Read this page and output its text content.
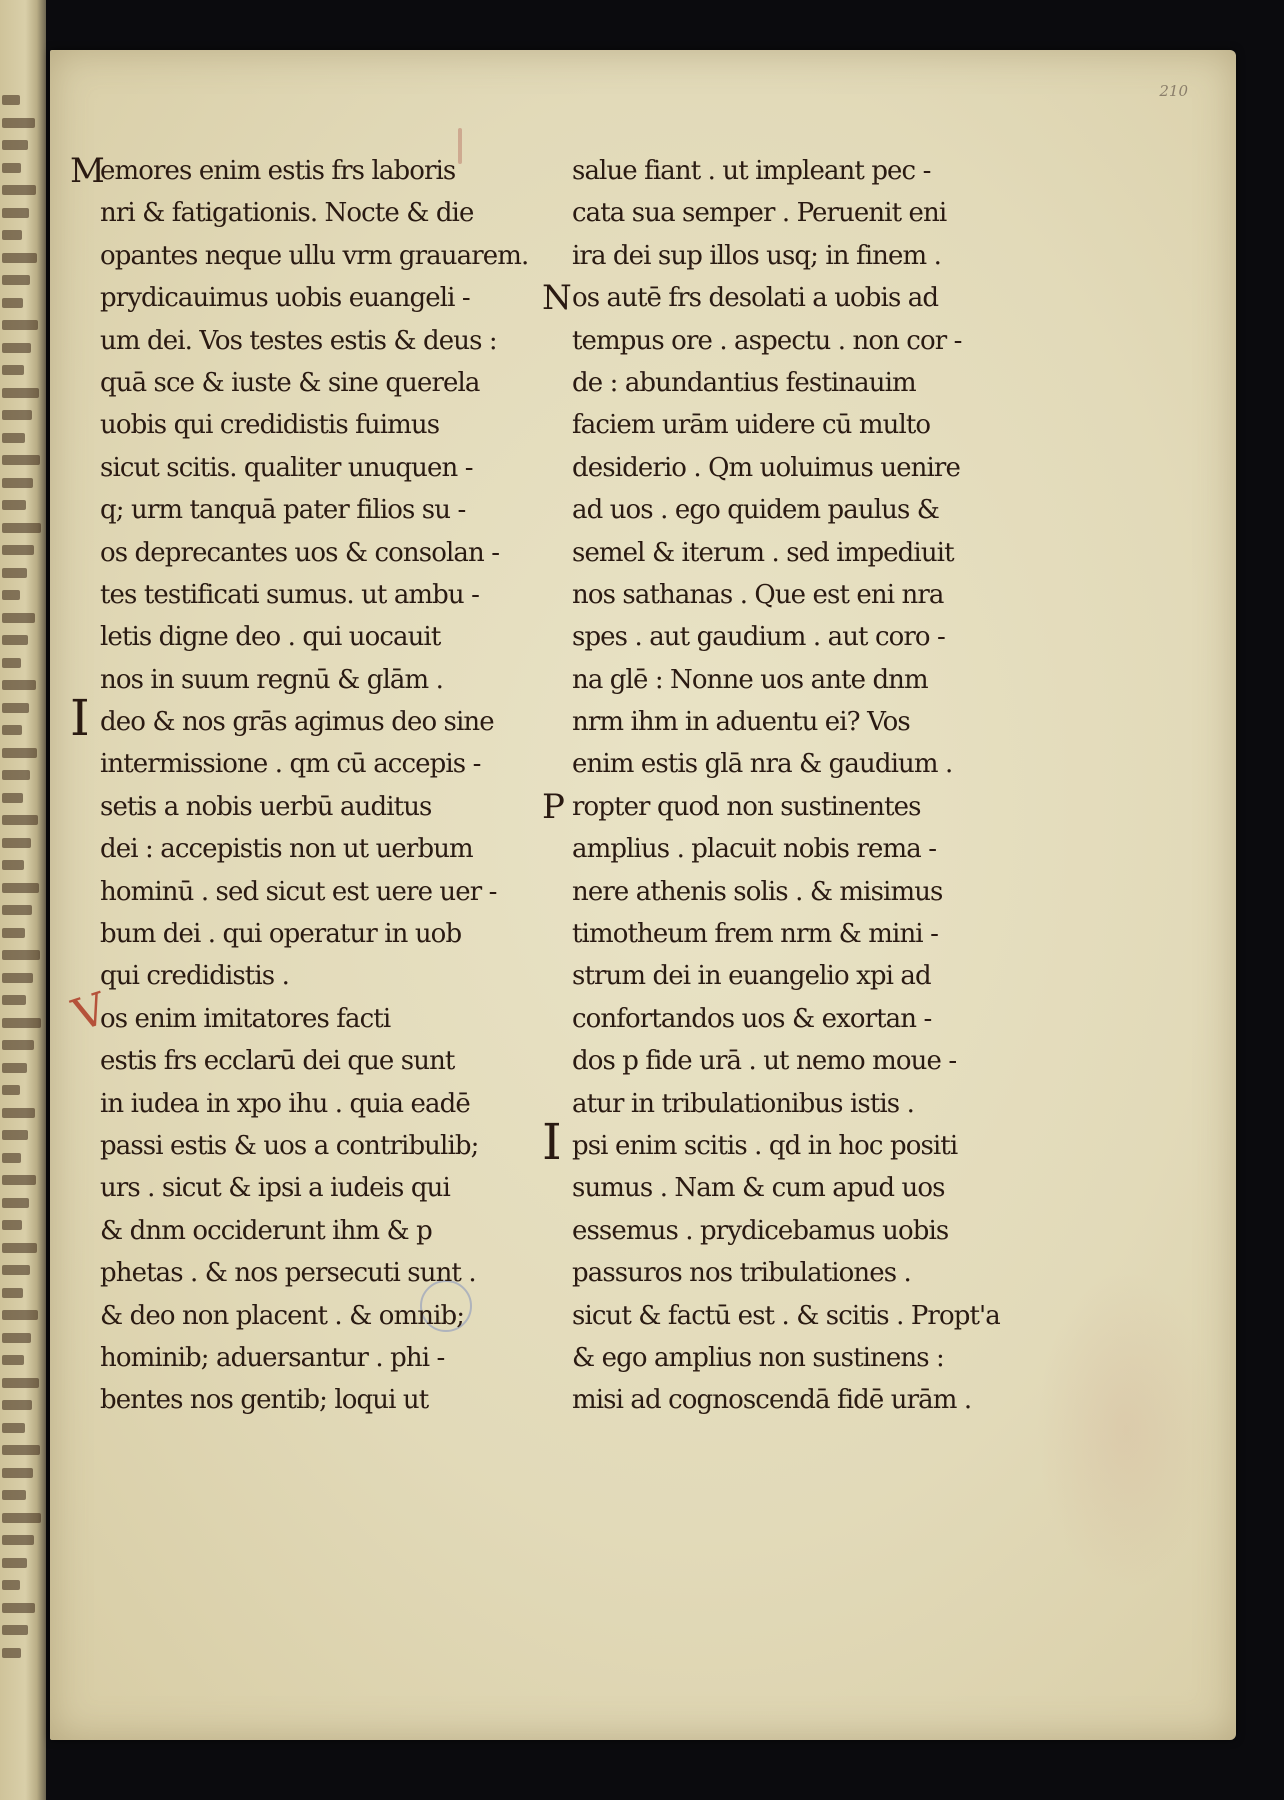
210
M
emores enim estis frs laboris
nri & fatigationis. Nocte & die
opantes neque ullu vrm grauarem.
prydicauimus uobis euangeli -
um dei. Vos testes estis & deus :
quā sce & iuste & sine querela
uobis qui credidistis fuimus
sicut scitis. qualiter unuquen -
q; urm tanquā pater filios su -
os deprecantes uos & consolan -
tes testificati sumus. ut ambu -
letis digne deo . qui uocauit
nos in suum regnū & glām .
I deo & nos grās agimus deo sine
intermissione . qm cū accepis -
setis a nobis uerbū auditus
dei : accepistis non ut uerbum
hominū . sed sicut est uere uer -
bum dei . qui operatur in uob
qui credidistis .
V
os enim imitatores facti
estis frs ecclarū dei que sunt
in iudea in xpo ihu . quia eadē
passi estis & uos a contribulib;
urs . sicut & ipsi a iudeis qui
& dnm occiderunt ihm & p
phetas . & nos persecuti sunt .
& deo non placent . & omnib;
hominib; aduersantur . phi -
bentes nos gentib; loqui ut
salue fiant . ut impleant pec -
cata sua semper . Peruenit eni
ira dei sup illos usq; in finem .
N os autē frs desolati a uobis ad
tempus ore . aspectu . non cor -
de : abundantius festinauim
faciem urām uidere cū multo
desiderio . Qm uoluimus uenire
ad uos . ego quidem paulus &
semel & iterum . sed impediuit
nos sathanas . Que est eni nra
spes . aut gaudium . aut coro -
na glē : Nonne uos ante dnm
nrm ihm in aduentu ei? Vos
enim estis glā nra & gaudium .
P ropter quod non sustinentes
amplius . placuit nobis rema -
nere athenis solis . & misimus
timotheum frem nrm & mini -
strum dei in euangelio xpi ad
confortandos uos & exortan -
dos p fide urā . ut nemo moue -
atur in tribulationibus istis .
I psi enim scitis . qd in hoc positi
sumus . Nam & cum apud uos
essemus . prydicebamus uobis
passuros nos tribulationes .
sicut & factū est . & scitis . Propt'a
& ego amplius non sustinens :
misi ad cognoscendā fidē urām .
